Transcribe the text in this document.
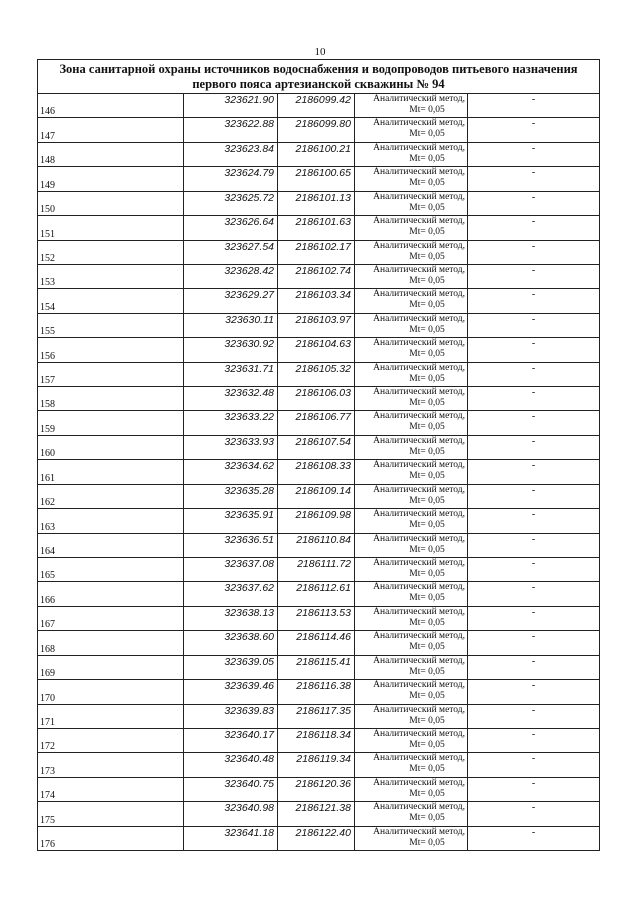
10
Зона санитарной охраны источников водоснабжения и водопроводов питьевого назначения
первого пояса артезианской скважины № 94
146	323621.90	2186099.42	Аналитический метод,
Mt= 0,05	-
147	323622.88	2186099.80	Аналитический метод,
Mt= 0,05	-
148	323623.84	2186100.21	Аналитический метод,
Mt= 0,05	-
149	323624.79	2186100.65	Аналитический метод,
Mt= 0,05	-
150	323625.72	2186101.13	Аналитический метод,
Mt= 0,05	-
151	323626.64	2186101.63	Аналитический метод,
Mt= 0,05	-
152	323627.54	2186102.17	Аналитический метод,
Mt= 0,05	-
153	323628.42	2186102.74	Аналитический метод,
Mt= 0,05	-
154	323629.27	2186103.34	Аналитический метод,
Mt= 0,05	-
155	323630.11	2186103.97	Аналитический метод,
Mt= 0,05	-
156	323630.92	2186104.63	Аналитический метод,
Mt= 0,05	-
157	323631.71	2186105.32	Аналитический метод,
Mt= 0,05	-
158	323632.48	2186106.03	Аналитический метод,
Mt= 0,05	-
159	323633.22	2186106.77	Аналитический метод,
Mt= 0,05	-
160	323633.93	2186107.54	Аналитический метод,
Mt= 0,05	-
161	323634.62	2186108.33	Аналитический метод,
Mt= 0,05	-
162	323635.28	2186109.14	Аналитический метод,
Mt= 0,05	-
163	323635.91	2186109.98	Аналитический метод,
Mt= 0,05	-
164	323636.51	2186110.84	Аналитический метод,
Mt= 0,05	-
165	323637.08	2186111.72	Аналитический метод,
Mt= 0,05	-
166	323637.62	2186112.61	Аналитический метод,
Mt= 0,05	-
167	323638.13	2186113.53	Аналитический метод,
Mt= 0,05	-
168	323638.60	2186114.46	Аналитический метод,
Mt= 0,05	-
169	323639.05	2186115.41	Аналитический метод,
Mt= 0,05	-
170	323639.46	2186116.38	Аналитический метод,
Mt= 0,05	-
171	323639.83	2186117.35	Аналитический метод,
Mt= 0,05	-
172	323640.17	2186118.34	Аналитический метод,
Mt= 0,05	-
173	323640.48	2186119.34	Аналитический метод,
Mt= 0,05	-
174	323640.75	2186120.36	Аналитический метод,
Mt= 0,05	-
175	323640.98	2186121.38	Аналитический метод,
Mt= 0,05	-
176	323641.18	2186122.40	Аналитический метод,
Mt= 0,05	-
